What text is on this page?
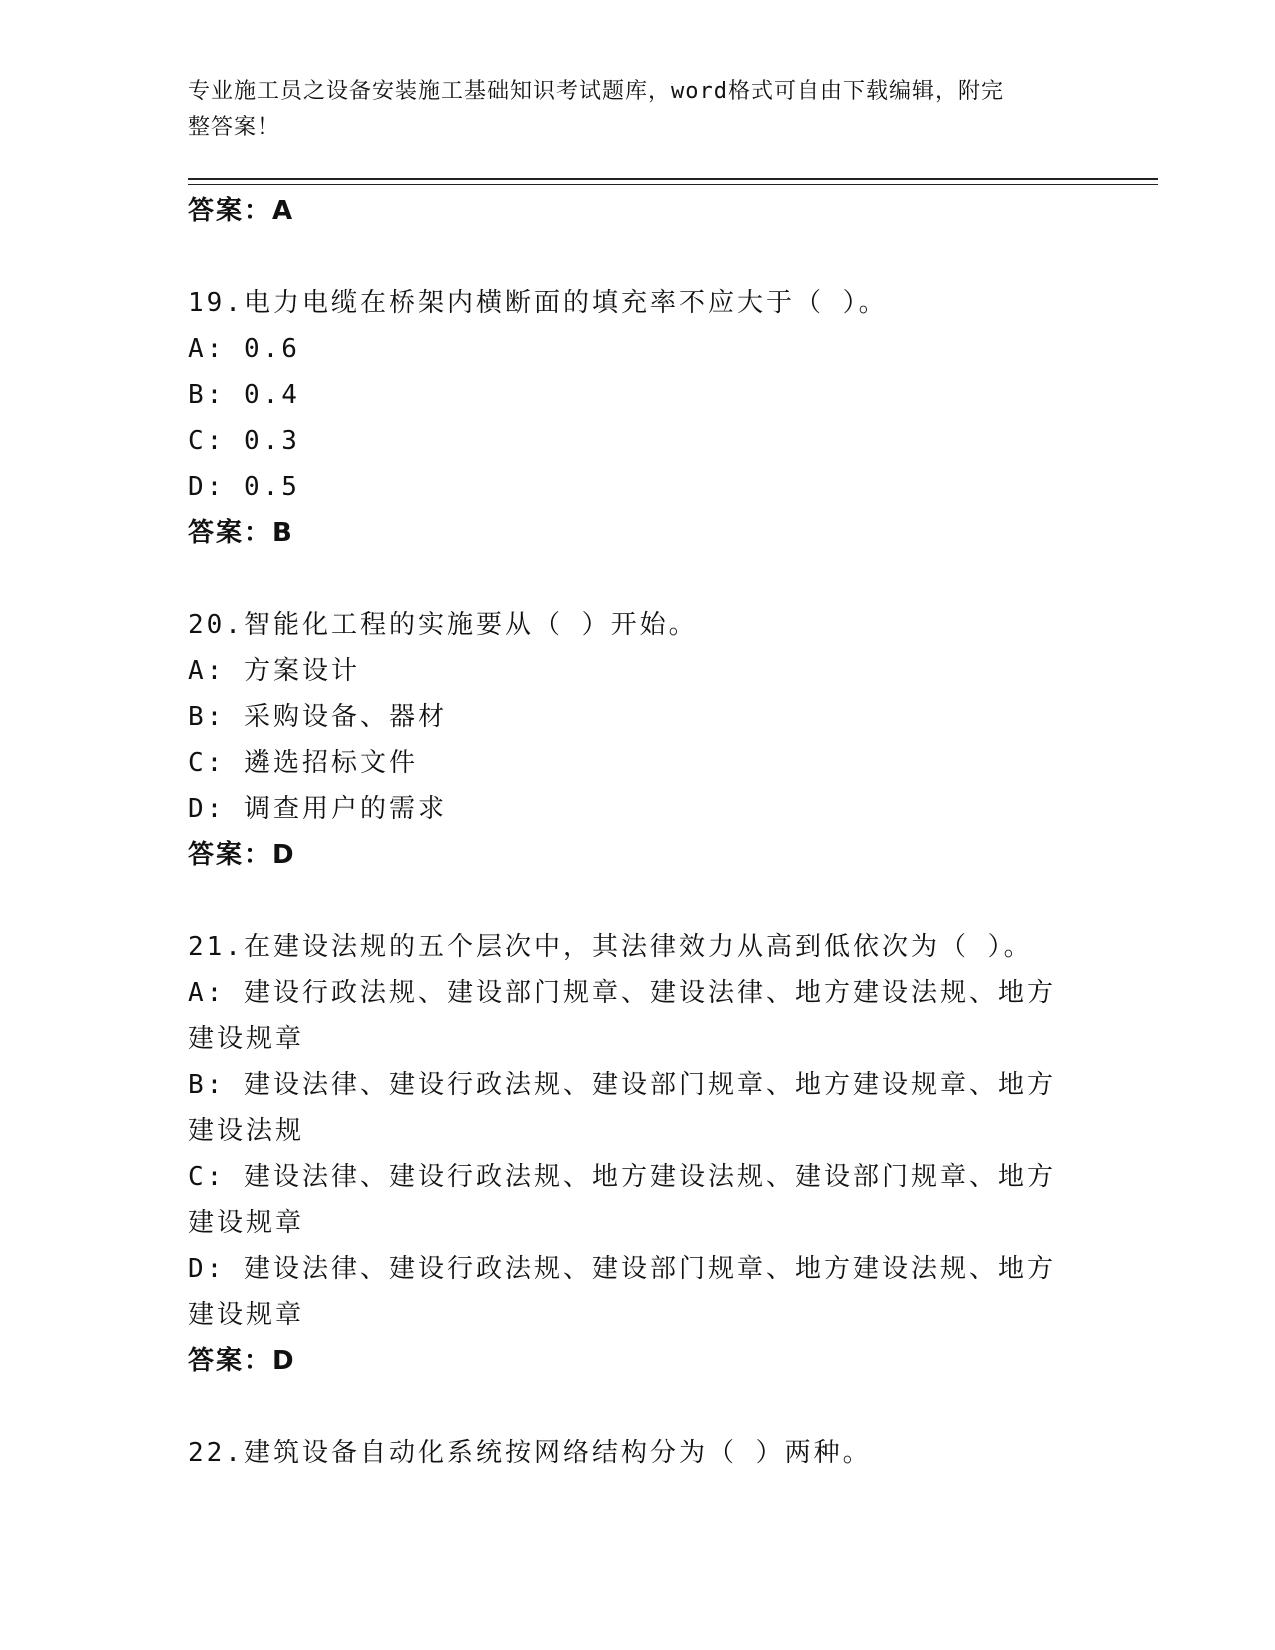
专业施工员之设备安装施工基础知识考试题库，word格式可自由下载编辑，附完
整答案！
答案：A
19.电力电缆在桥架内横断面的填充率不应大于（ ）。
A: 0.6
B: 0.4
C: 0.3
D: 0.5
答案：B
20.智能化工程的实施要从（ ）开始。
A: 方案设计
B: 采购设备、器材
C: 遴选招标文件
D: 调查用户的需求
答案：D
21.在建设法规的五个层次中，其法律效力从高到低依次为（ ）。
A: 建设行政法规、建设部门规章、建设法律、地方建设法规、地方建设规章
B: 建设法律、建设行政法规、建设部门规章、地方建设规章、地方建设法规
C: 建设法律、建设行政法规、地方建设法规、建设部门规章、地方建设规章
D: 建设法律、建设行政法规、建设部门规章、地方建设法规、地方建设规章
答案：D
22.建筑设备自动化系统按网络结构分为（ ）两种。
